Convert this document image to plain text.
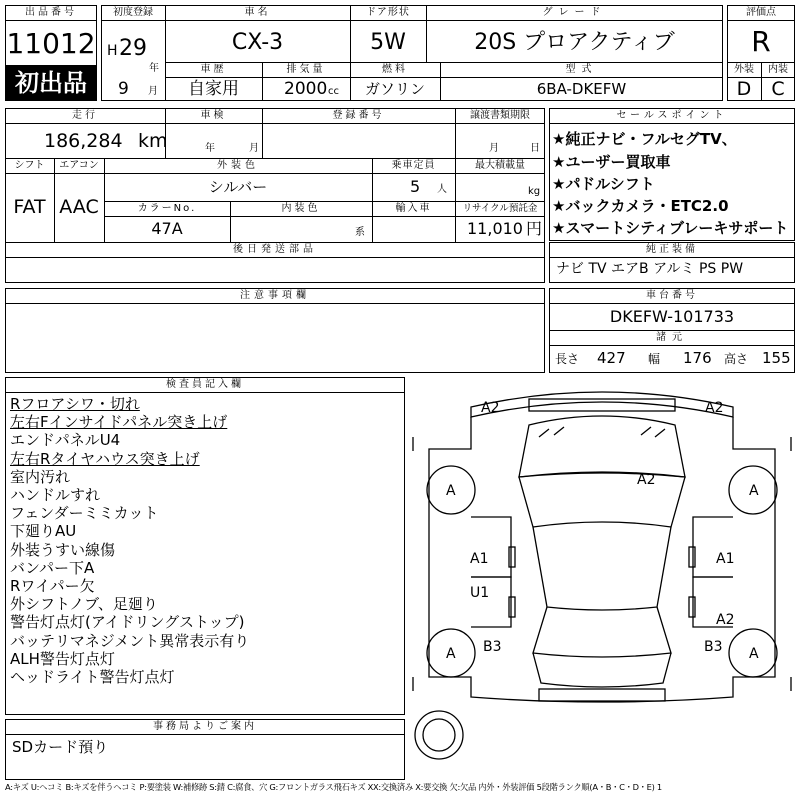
出品番号
11012
初出品
初度登録
H 29
年
9 月
車名
CX-3
ドア形状
5W
グレード
20S プロアクティブ
車歴
自家用
排気量
2000 cc
燃料
ガソリン
型式
6BA-DKEFW
評価点
R
外装	内装
D	C
走行
186,284 km
車検
年	月
登録番号	譲渡書類期限
月	日
シフト
FAT
エアコン
AAC
外装色
シルバー
乗車定員
5 人
最大積載量
kg
カラーNo.
47A
内装色
系
輸入車	リサイクル預託金
11,010 円
後日発送部品
セールスポイント
★純正ナビ・フルセグTV、
★ユーザー買取車
★パドルシフト
★バックカメラ・ETC2.0
★スマートシティブレーキサポート
純正装備
ナビ TV エアB アルミ PS PW
注意事項欄	車台番号
DKEFW-101733
諸元
長さ 427 幅 176 高さ 155
検査員記入欄
Rフロアシワ・切れ
左右Fインサイドパネル突き上げ
エンドパネルU4
左右Rタイヤハウス突き上げ
室内汚れ
ハンドルすれ
フェンダーミミカット
下廻りAU
外装うすい線傷
バンパー下A
Rワイパー欠
外シフトノブ、足廻り
警告灯点灯(アイドリングストップ)
バッテリマネジメント異常表示有り
ALH警告灯点灯
ヘッドライト警告灯点灯
A2	A2
A2
A	A
A1	A1
U1
A2
B3	B3
A	A
事務局よりご案内
SDカード預り
A:キズ U:ヘコミ B:キズを伴うヘコミ P:要塗装 W:補修跡 S:錆 C:腐食、穴 G:フロントガラス飛石キズ XX:交換済み X:要交換 欠:欠品 内外・外装評価 5段階ランク順(A・B・C・D・E) 1
